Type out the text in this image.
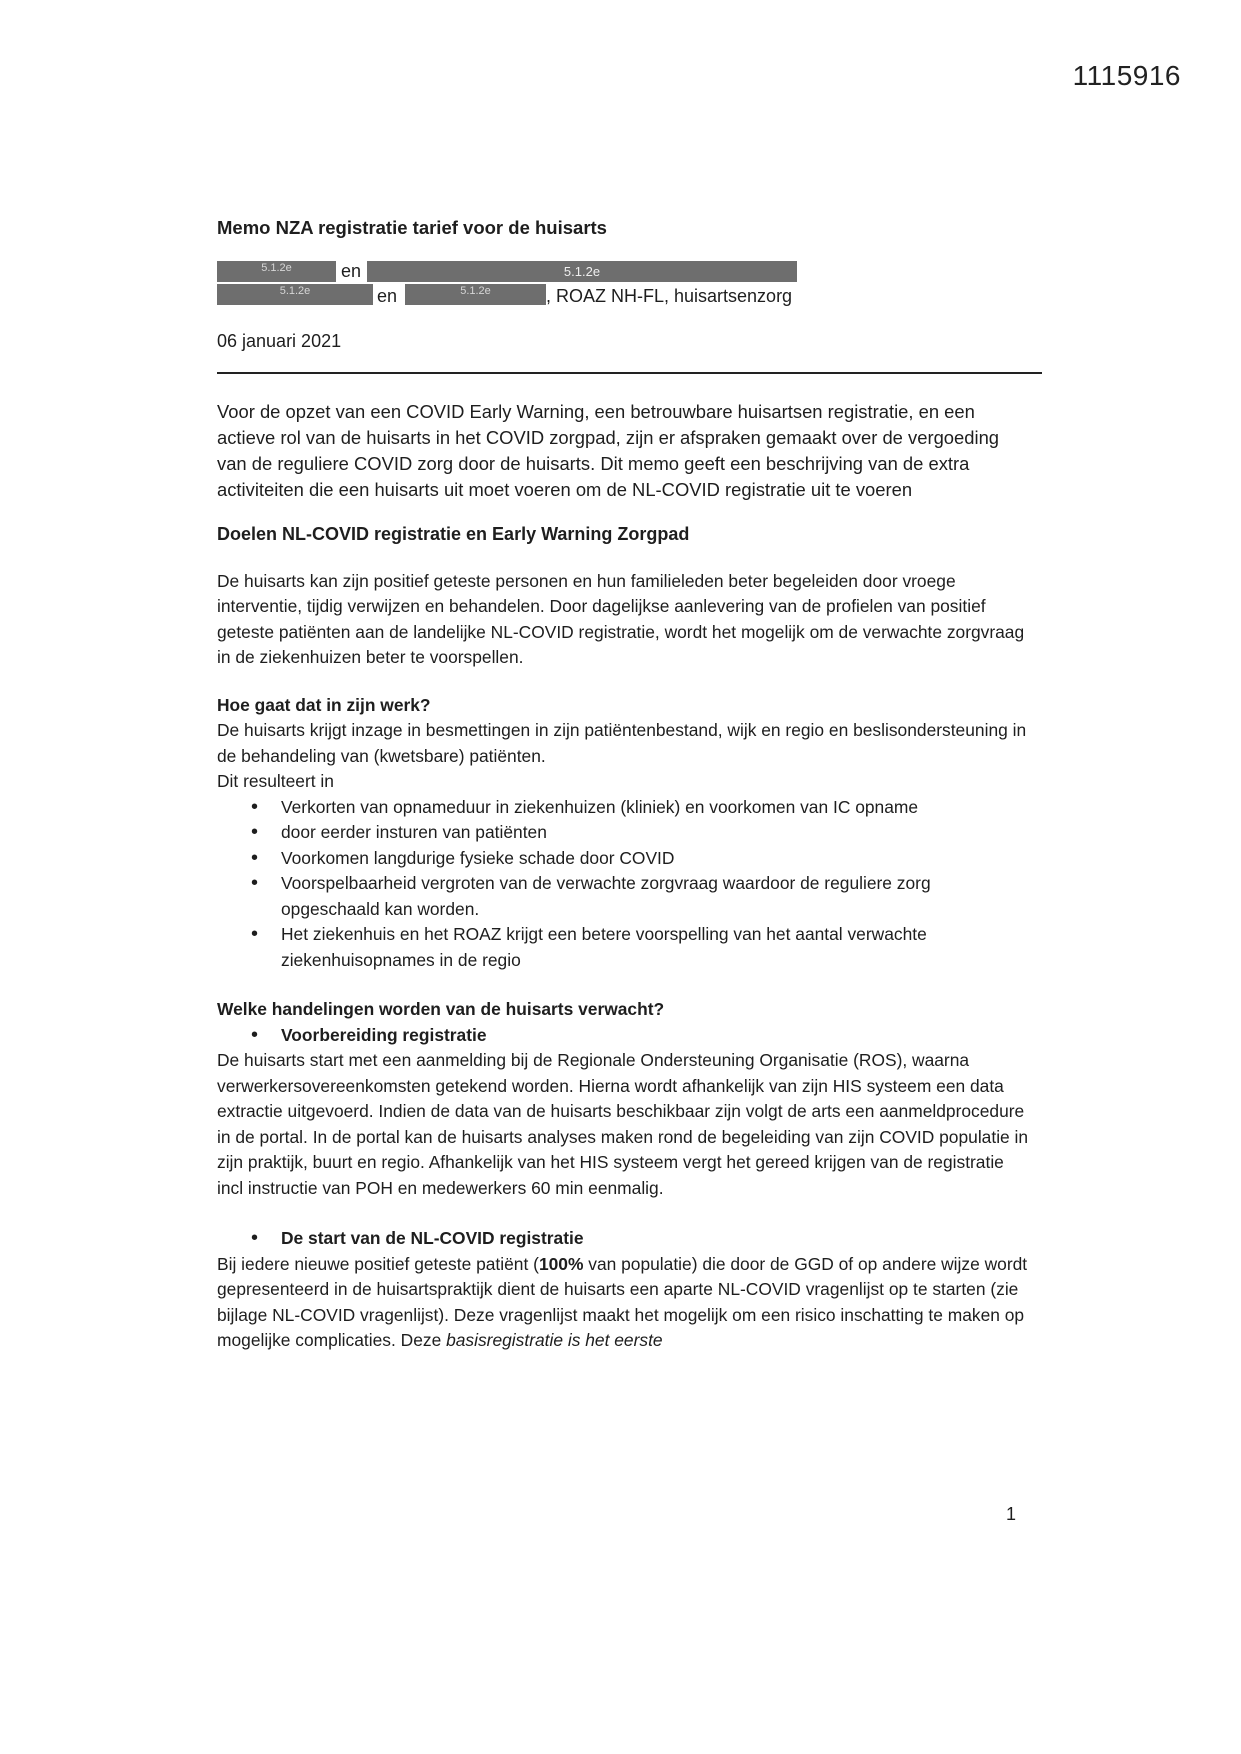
1115916
Memo NZA registratie tarief voor de huisarts
5.1.2e	en	5.1.2e
5.1.2e	en	5.1.2e	, ROAZ NH-FL, huisartsenzorg
06 januari 2021

Voor de opzet van een COVID Early Warning, een betrouwbare huisartsen registratie, en een actieve rol van de huisarts in het COVID zorgpad, zijn er afspraken gemaakt over de vergoeding van de reguliere COVID zorg door de huisarts. Dit memo geeft een beschrijving van de extra activiteiten die een huisarts uit moet voeren om de NL-COVID registratie uit te voeren

Doelen NL-COVID registratie en Early Warning Zorgpad

De huisarts kan zijn positief geteste personen en hun familieleden beter begeleiden door vroege interventie, tijdig verwijzen en behandelen. Door dagelijkse aanlevering van de profielen van positief geteste patiënten aan de landelijke NL-COVID registratie, wordt het mogelijk om de verwachte zorgvraag in de ziekenhuizen beter te voorspellen.

Hoe gaat dat in zijn werk?

De huisarts krijgt inzage in besmettingen in zijn patiëntenbestand, wijk en regio en beslisondersteuning in de behandeling van (kwetsbare) patiënten.

Dit resulteert in

• Verkorten van opnameduur in ziekenhuizen (kliniek) en voorkomen van IC opname
• door eerder insturen van patiënten
• Voorkomen langdurige fysieke schade door COVID
• Voorspelbaarheid vergroten van de verwachte zorgvraag waardoor de reguliere zorg opgeschaald kan worden.
• Het ziekenhuis en het ROAZ krijgt een betere voorspelling van het aantal verwachte ziekenhuisopnames in de regio
Welke handelingen worden van de huisarts verwacht?
• Voorbereiding registratie

De huisarts start met een aanmelding bij de Regionale Ondersteuning Organisatie (ROS), waarna verwerkersovereenkomsten getekend worden. Hierna wordt afhankelijk van zijn HIS systeem een data extractie uitgevoerd. Indien de data van de huisarts beschikbaar zijn volgt de arts een aanmeldprocedure in de portal. In de portal kan de huisarts analyses maken rond de begeleiding van zijn COVID populatie in zijn praktijk, buurt en regio. Afhankelijk van het HIS systeem vergt het gereed krijgen van de registratie incl instructie van POH en medewerkers 60 min eenmalig.

• De start van de NL-COVID registratie

Bij iedere nieuwe positief geteste patiënt (100% van populatie) die door de GGD of op andere wijze wordt gepresenteerd in de huisartspraktijk dient de huisarts een aparte NL-COVID vragenlijst op te starten (zie bijlage NL-COVID vragenlijst). Deze vragenlijst maakt het mogelijk om een risico inschatting te maken op mogelijke complicaties. Deze basisregistratie is het eerste

1
